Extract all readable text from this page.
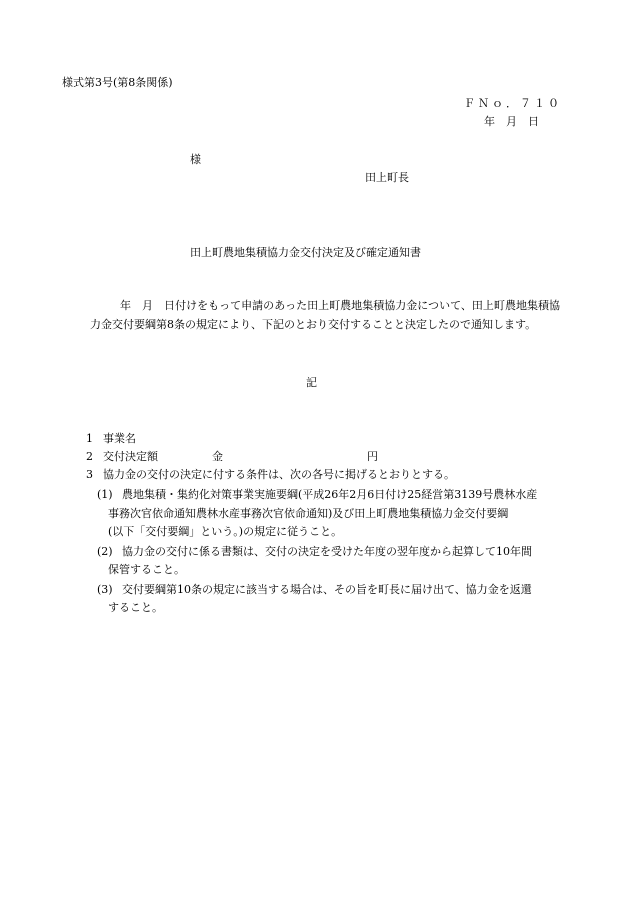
様式第3号(第8条関係)
ＦＮｏ．７１０
年　月　日
様
田上町長
田上町農地集積協力金交付決定及び確定通知書
年　月　日付けをもって申請のあった田上町農地集積協力金について、田上町農地集積協力金交付要綱第8条の規定により、下記のとおり交付することと決定したので通知します。
記
1 事業名
2 交付決定額	金	円
3 協力金の交付の決定に付する条件は、次の各号に掲げるとおりとする。
(1) 農地集積・集約化対策事業実施要綱(平成26年2月6日付け25経営第3139号農林水産
事務次官依命通知農林水産事務次官依命通知)及び田上町農地集積協力金交付要綱
(以下「交付要綱」という。)の規定に従うこと。
(2) 協力金の交付に係る書類は、交付の決定を受けた年度の翌年度から起算して10年間
保管すること。
(3) 交付要綱第10条の規定に該当する場合は、その旨を町長に届け出て、協力金を返還
すること。
